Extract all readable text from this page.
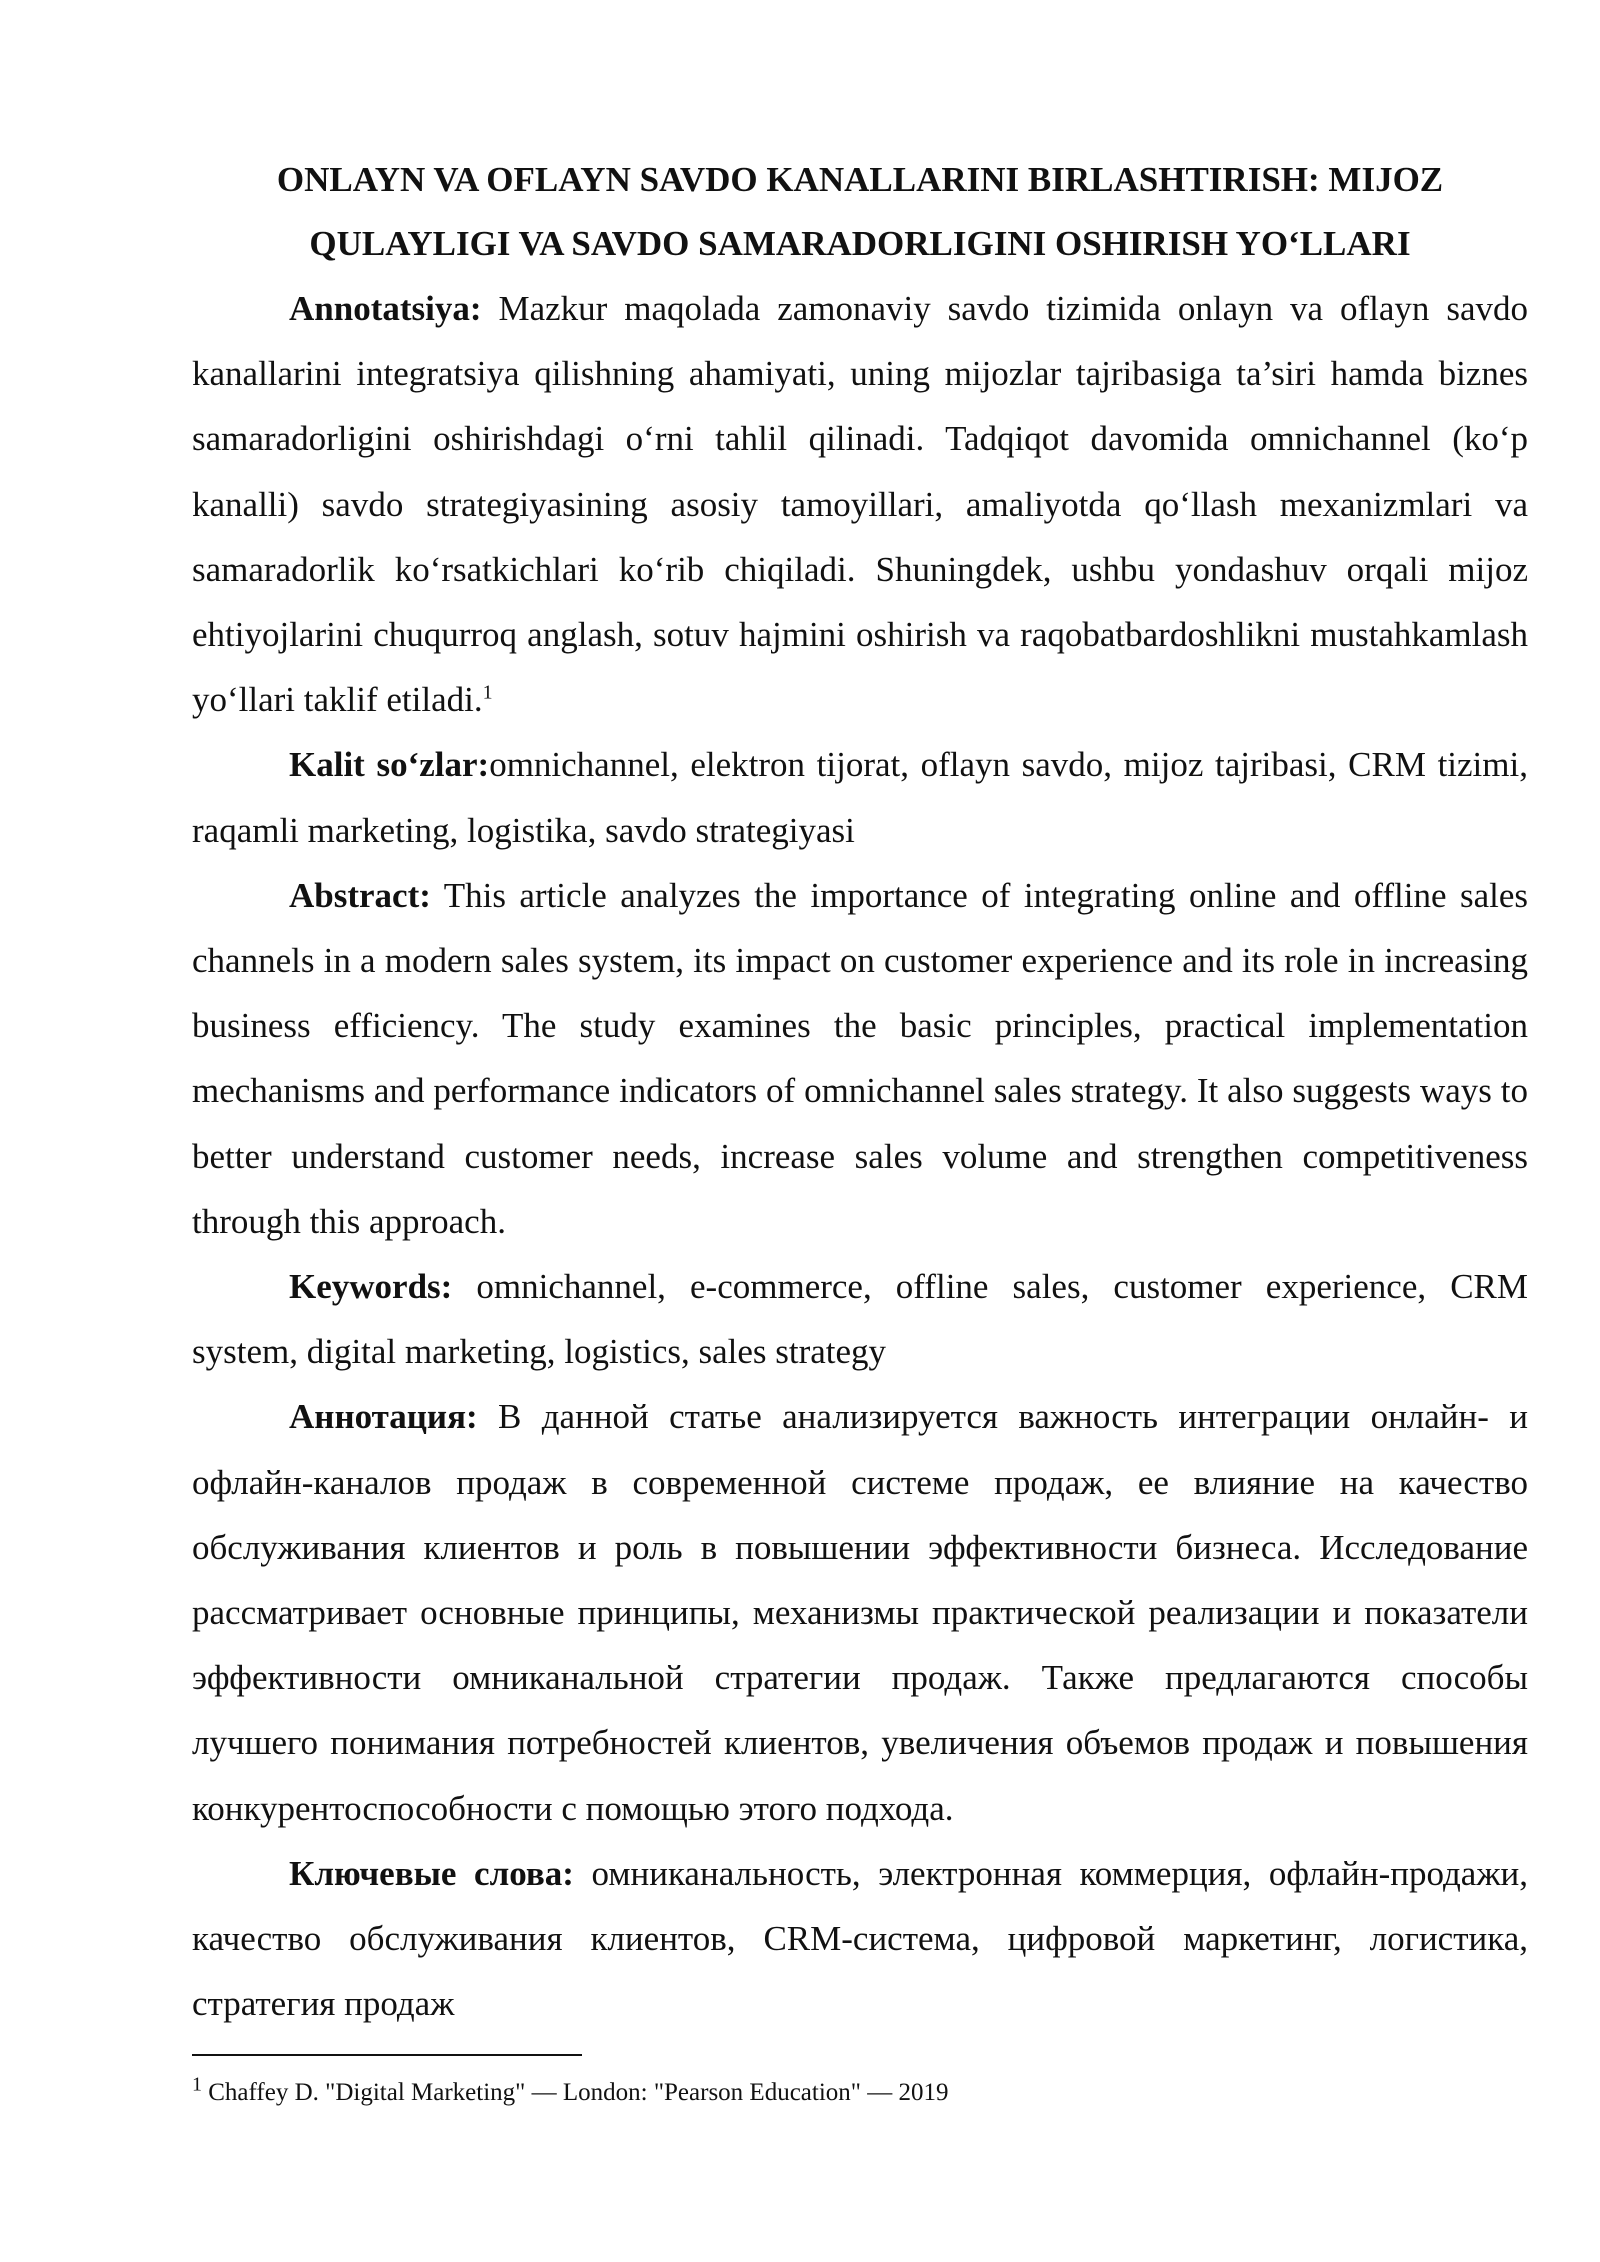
ONLAYN VA OFLAYN SAVDO KANALLARINI BIRLASHTIRISH: MIJOZ
QULAYLIGI VA SAVDO SAMARADORLIGINI OSHIRISH YO‘LLARI

Annotatsiya: Mazkur maqolada zamonaviy savdo tizimida onlayn va oflayn savdo kanallarini integratsiya qilishning ahamiyati, uning mijozlar tajribasiga ta’siri hamda biznes samaradorligini oshirishdagi o‘rni tahlil qilinadi. Tadqiqot davomida omnichannel (ko‘p kanalli) savdo strategiyasining asosiy tamoyillari, amaliyotda qo‘llash mexanizmlari va samaradorlik ko‘rsatkichlari ko‘rib chiqiladi. Shuningdek, ushbu yondashuv orqali mijoz ehtiyojlarini chuqurroq anglash, sotuv hajmini oshirish va raqobatbardoshlikni mustahkamlash yo‘llari taklif etiladi.$^1$

Kalit so‘zlar:omnichannel, elektron tijorat, oflayn savdo, mijoz tajribasi, CRM tizimi, raqamli marketing, logistika, savdo strategiyasi

Abstract: This article analyzes the importance of integrating online and offline sales channels in a modern sales system, its impact on customer experience and its role in increasing business efficiency. The study examines the basic principles, practical implementation mechanisms and performance indicators of omnichannel sales strategy. It also suggests ways to better understand customer needs, increase sales volume and strengthen competitiveness through this approach.

Keywords: omnichannel, e-commerce, offline sales, customer experience, CRM system, digital marketing, logistics, sales strategy

Аннотация: В данной статье анализируется важность интеграции онлайн- и офлайн-каналов продаж в современной системе продаж, ее влияние на качество обслуживания клиентов и роль в повышении эффективности бизнеса. Исследование рассматривает основные принципы, механизмы практической реализации и показатели эффективности омниканальной стратегии продаж. Также предлагаются способы лучшего понимания потребностей клиентов, увеличения объемов продаж и повышения конкурентоспособности с помощью этого подхода.

Ключевые слова: омниканальность, электронная коммерция, офлайн-продажи, качество обслуживания клиентов, CRM-система, цифровой маркетинг, логистика, стратегия продаж

$^1$ Chaffey D. "Digital Marketing" — London: "Pearson Education" — 2019
